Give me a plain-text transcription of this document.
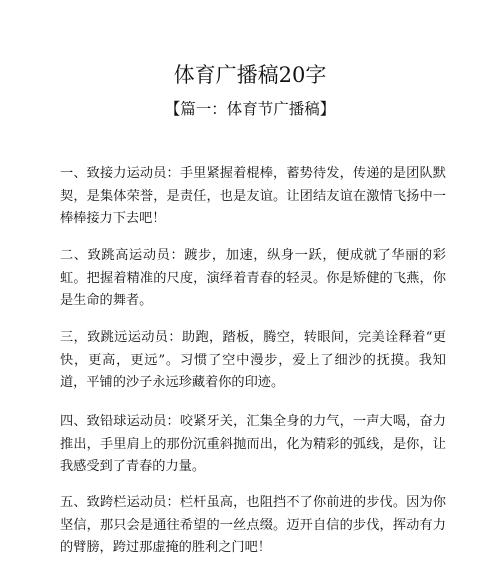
体育广播稿20字
【篇一：体育节广播稿】
一、致接力运动员：手里紧握着棍棒，蓄势待发，传递的是团队默契，是集体荣誉，是责任，也是友谊。让团结友谊在激情飞扬中一棒棒接力下去吧！
二、致跳高运动员：踱步，加速，纵身一跃，便成就了华丽的彩虹。把握着精准的尺度，演绎着青春的轻灵。你是矫健的飞燕，你是生命的舞者。
三，致跳远运动员：助跑，踏板，腾空，转眼间，完美诠释着“更快，更高，更远”。习惯了空中漫步，爱上了细沙的抚摸。我知道，平铺的沙子永远珍藏着你的印迹。
四、致铅球运动员：咬紧牙关，汇集全身的力气，一声大喝，奋力推出，手里肩上的那份沉重斜抛而出，化为精彩的弧线，是你，让我感受到了青春的力量。
五、致跨栏运动员：栏杆虽高，也阻挡不了你前进的步伐。因为你坚信，那只会是通往希望的一丝点缀。迈开自信的步伐，挥动有力的臂膀，跨过那虚掩的胜利之门吧！
